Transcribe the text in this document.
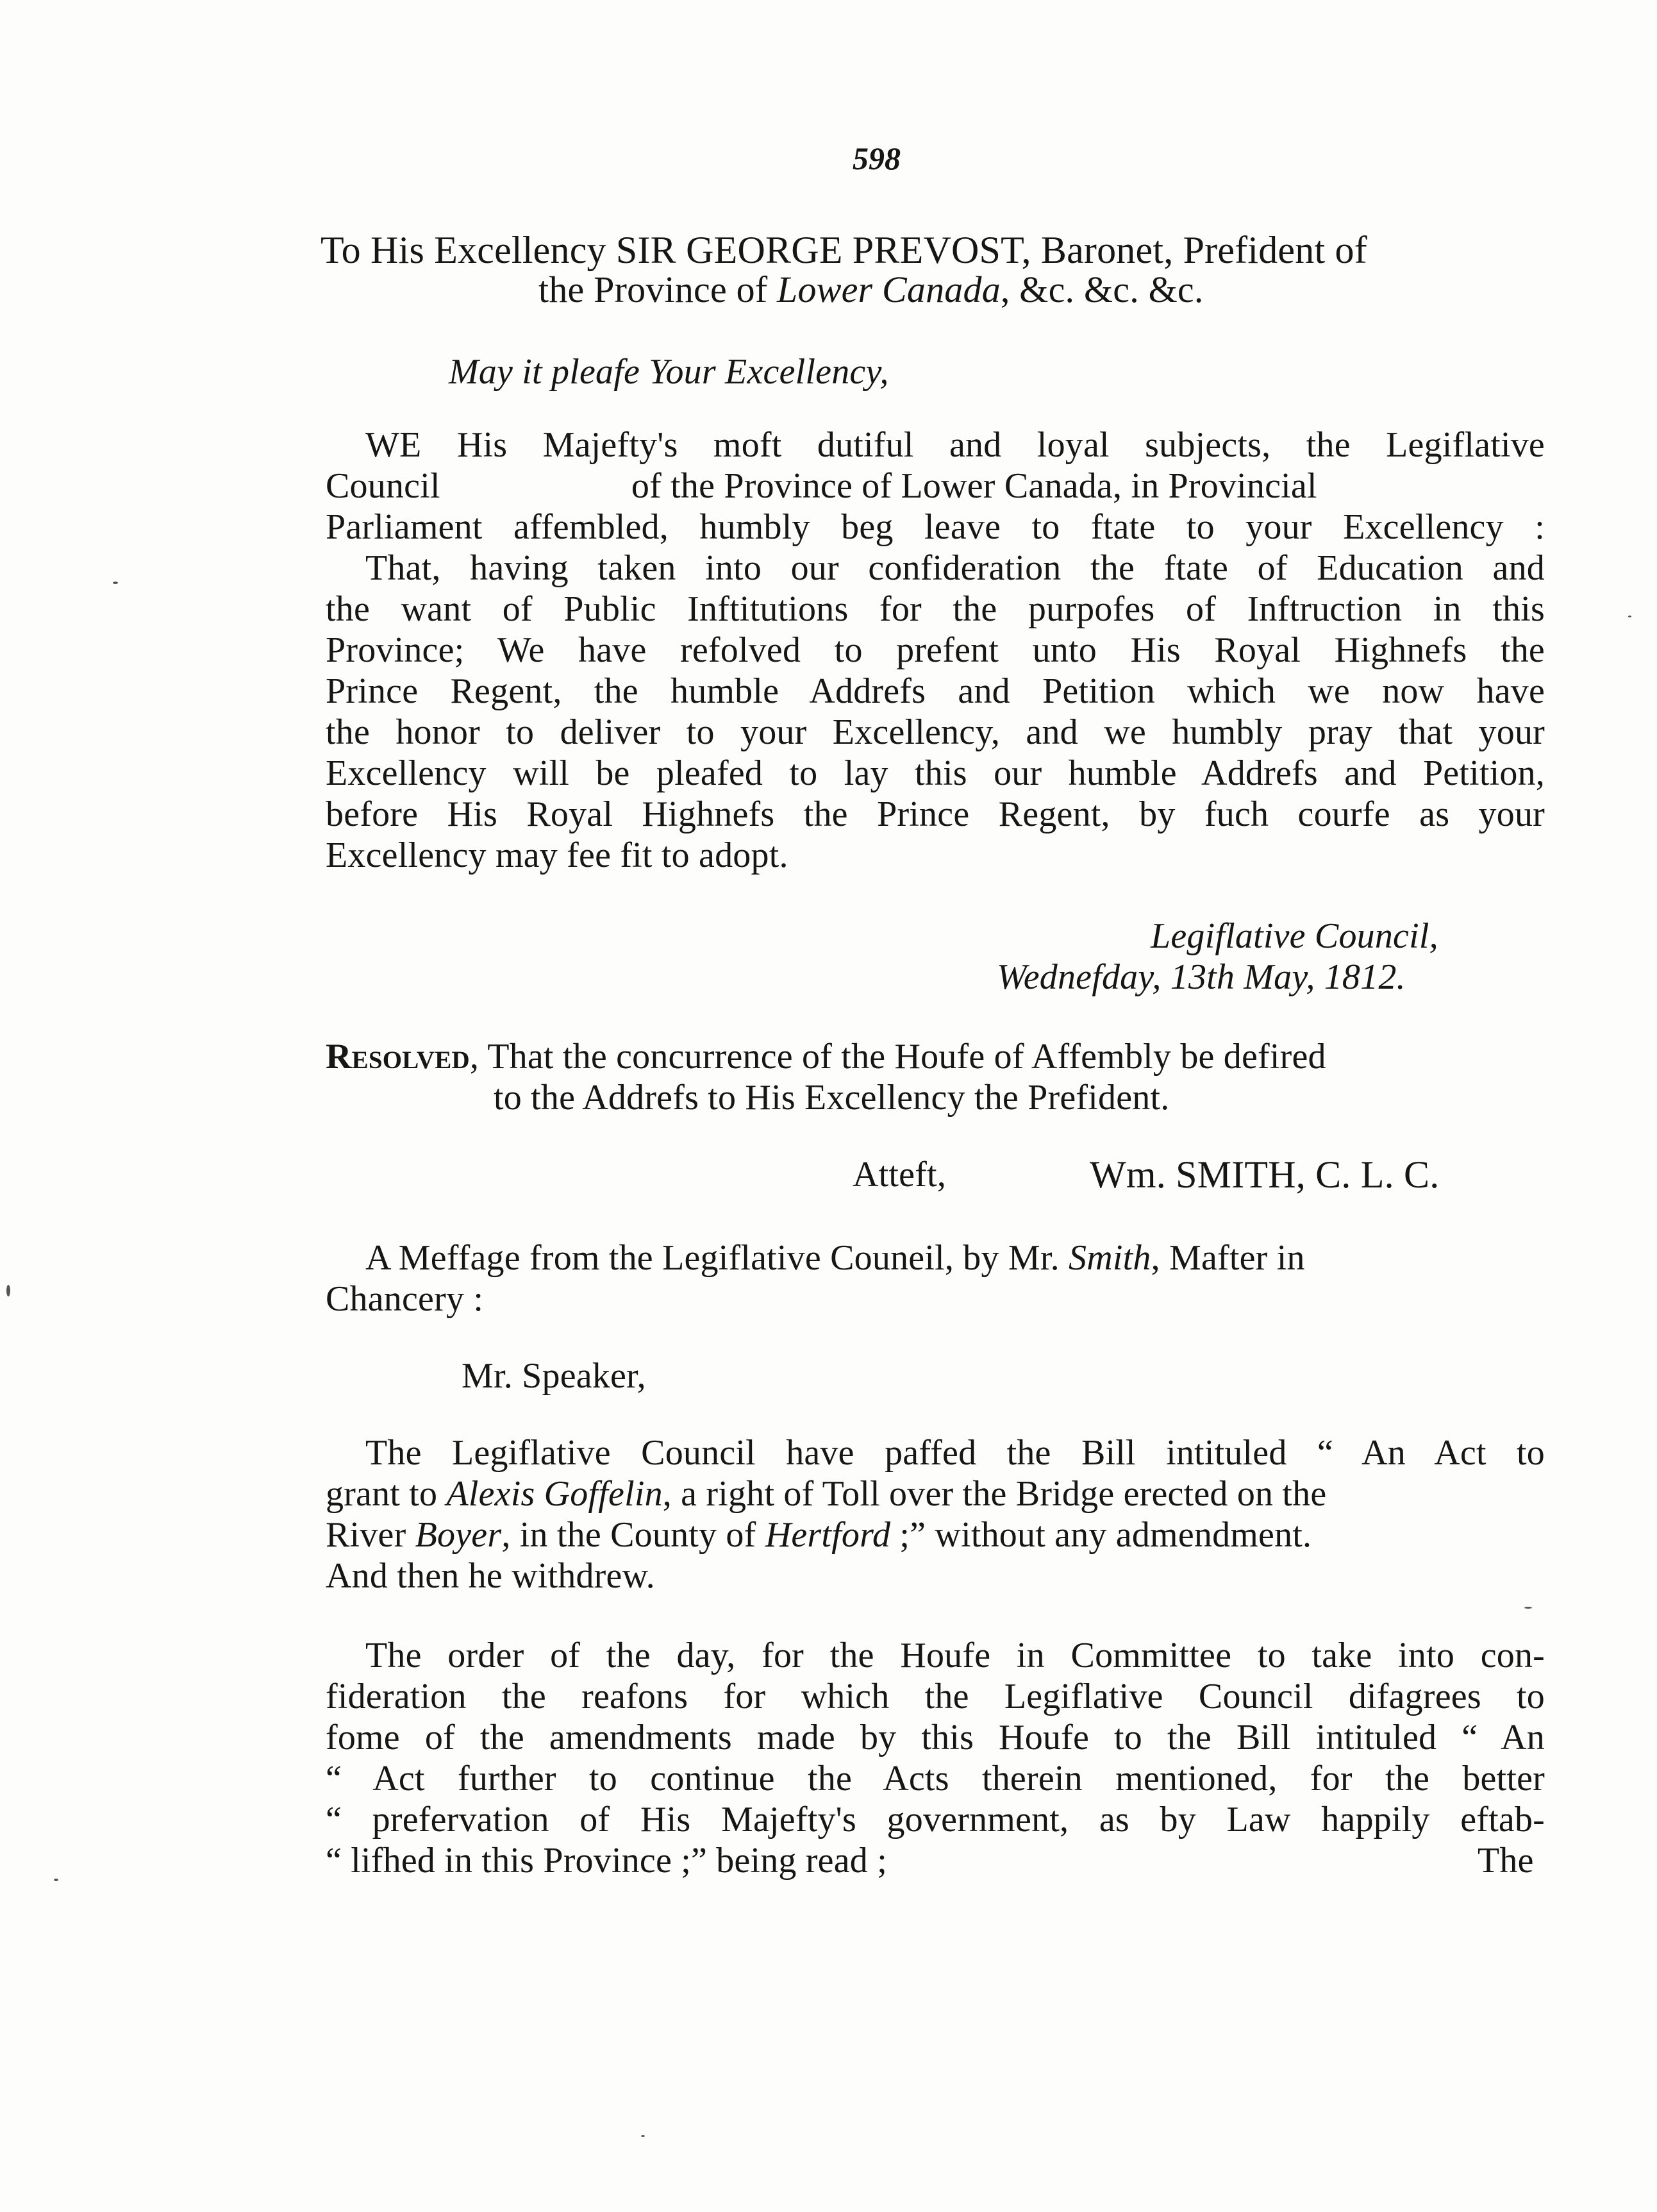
598
To His Excellency SIR GEORGE PREVOST, Baronet, Prefident of
the Province of Lower Canada, &c. &c. &c.
May it pleafe Your Excellency,
WE His Majefty's moft dutiful and loyal subjects, the Legiflative
Council                     of the Province of Lower Canada, in Provincial
Parliament affembled, humbly beg leave to ftate to your Excellency :
That, having taken into our confideration the ftate of Education and
the want of Public Inftitutions for the purpofes of Inftruction in this
Province; We have refolved to prefent unto His Royal Highnefs the
Prince Regent, the humble Addrefs and Petition which we now have
the honor to deliver to your Excellency, and we humbly pray that your
Excellency will be pleafed to lay this our humble Addrefs and Petition,
before His Royal Highnefs the Prince Regent, by fuch courfe as your
Excellency may fee fit to adopt.
Legiflative Council,
Wednefday, 13th May, 1812.
Resolved, That the concurrence of the Houfe of Affembly be defired
to the Addrefs to His Excellency the Prefident.
Atteft,	Wm. SMITH, C. L. C.
A Meffage from the Legiflative Couneil, by Mr. Smith, Mafter in
Chancery :
Mr. Speaker,
The Legiflative Council have paffed the Bill intituled “ An Act to
grant to Alexis Goffelin, a right of Toll over the Bridge erected on the
River Boyer, in the County of Hertford ;” without any admendment.
And then he withdrew.
The order of the day, for the Houfe in Committee to take into con-
fideration the reafons for which the Legiflative Council difagrees to
fome of the amendments made by this Houfe to the Bill intituled “ An
“ Act further to continue the Acts therein mentioned, for the better
“ prefervation of His Majefty's government, as by Law happily eftab-
“ lifhed in this Province ;” being read ;	The
